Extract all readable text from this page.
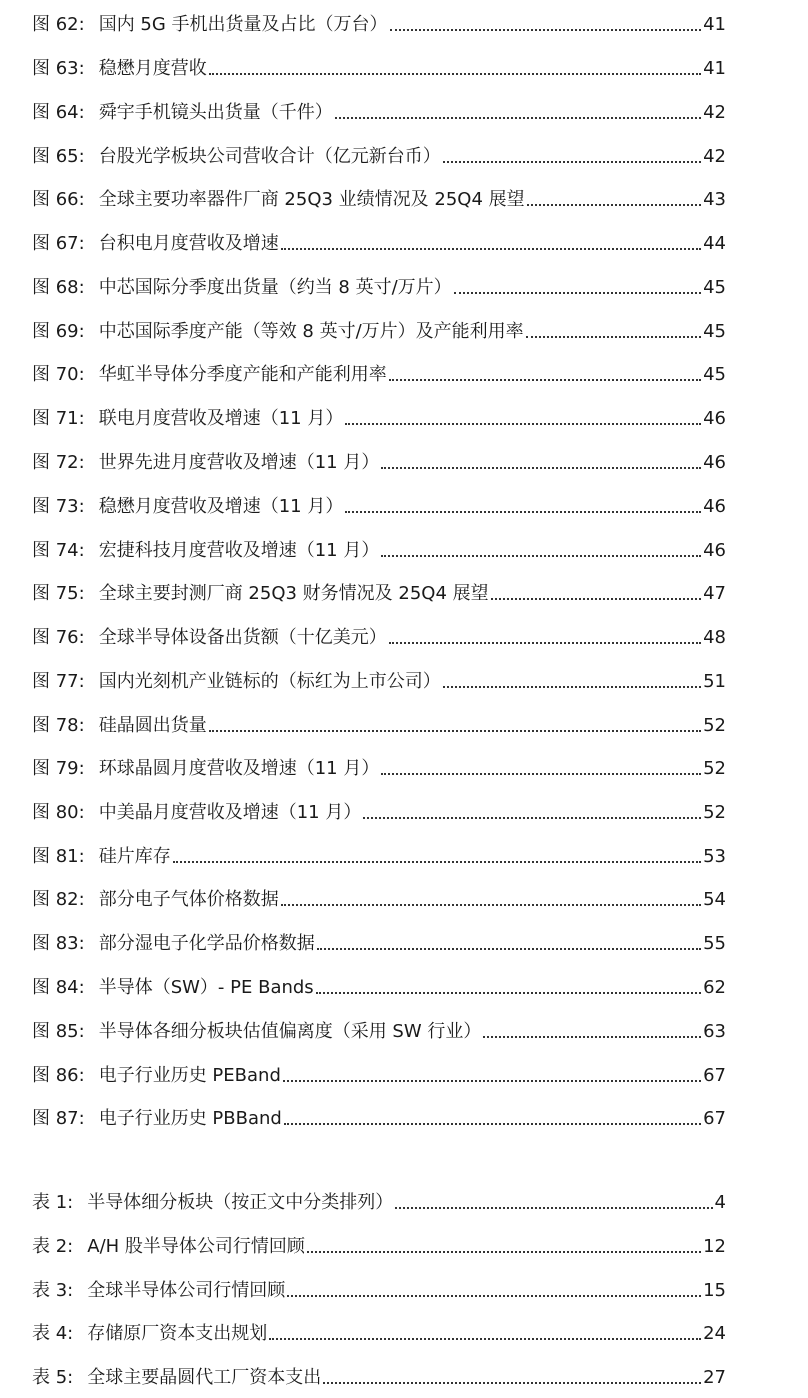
图 62: 国内 5G 手机出货量及占比（万台）	41
图 63: 稳懋月度营收	41
图 64: 舜宇手机镜头出货量（千件）	42
图 65: 台股光学板块公司营收合计（亿元新台币）	42
图 66: 全球主要功率器件厂商 25Q3 业绩情况及 25Q4 展望	43
图 67: 台积电月度营收及增速	44
图 68: 中芯国际分季度出货量（约当 8 英寸/万片）	45
图 69: 中芯国际季度产能（等效 8 英寸/万片）及产能利用率	45
图 70: 华虹半导体分季度产能和产能利用率	45
图 71: 联电月度营收及增速（11 月）	46
图 72: 世界先进月度营收及增速（11 月）	46
图 73: 稳懋月度营收及增速（11 月）	46
图 74: 宏捷科技月度营收及增速（11 月）	46
图 75: 全球主要封测厂商 25Q3 财务情况及 25Q4 展望	47
图 76: 全球半导体设备出货额（十亿美元）	48
图 77: 国内光刻机产业链标的（标红为上市公司）	51
图 78: 硅晶圆出货量	52
图 79: 环球晶圆月度营收及增速（11 月）	52
图 80: 中美晶月度营收及增速（11 月）	52
图 81: 硅片库存	53
图 82: 部分电子气体价格数据	54
图 83: 部分湿电子化学品价格数据	55
图 84: 半导体（SW）- PE Bands	62
图 85: 半导体各细分板块估值偏离度（采用 SW 行业）	63
图 86: 电子行业历史 PEBand	67
图 87: 电子行业历史 PBBand	67
表 1: 半导体细分板块（按正文中分类排列）	4
表 2: A/H 股半导体公司行情回顾	12
表 3: 全球半导体公司行情回顾	15
表 4: 存储原厂资本支出规划	24
表 5: 全球主要晶圆代工厂资本支出	27
